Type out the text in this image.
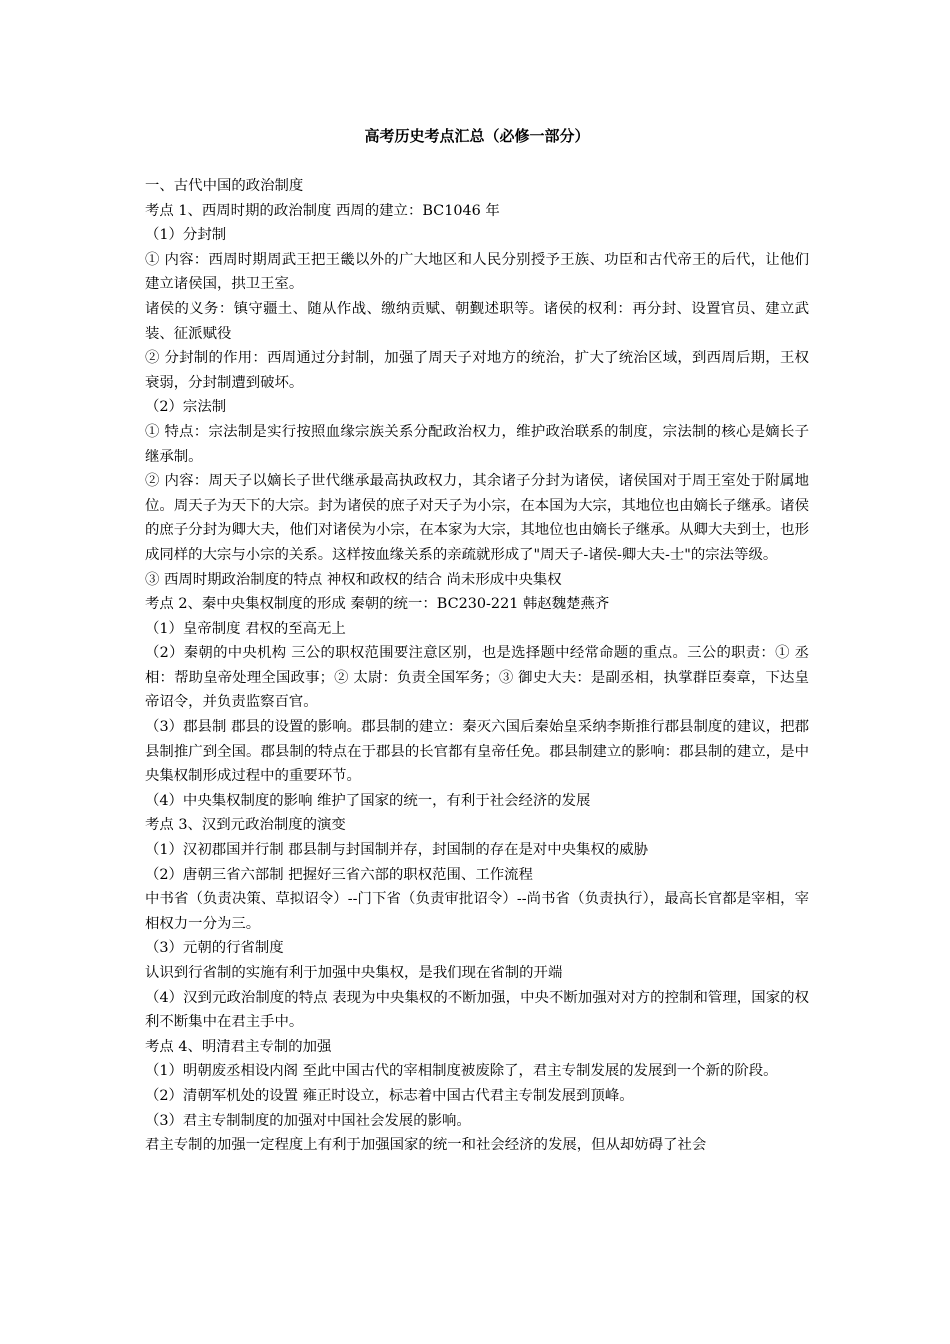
高考历史考点汇总（必修一部分）
一、古代中国的政治制度
考点 1、西周时期的政治制度 西周的建立：BC1046 年
（1）分封制
① 内容：西周时期周武王把王畿以外的广大地区和人民分别授予王族、功臣和古代帝王的后代，让他们建立诸侯国，拱卫王室。
诸侯的义务：镇守疆土、随从作战、缴纳贡赋、朝觐述职等。诸侯的权利：再分封、设置官员、建立武装、征派赋役
② 分封制的作用：西周通过分封制，加强了周天子对地方的统治，扩大了统治区域，到西周后期，王权衰弱，分封制遭到破坏。
（2）宗法制
① 特点：宗法制是实行按照血缘宗族关系分配政治权力，维护政治联系的制度，宗法制的核心是嫡长子继承制。
② 内容：周天子以嫡长子世代继承最高执政权力，其余诸子分封为诸侯，诸侯国对于周王室处于附属地位。周天子为天下的大宗。封为诸侯的庶子对天子为小宗，在本国为大宗，其地位也由嫡长子继承。诸侯的庶子分封为卿大夫，他们对诸侯为小宗，在本家为大宗，其地位也由嫡长子继承。从卿大夫到士，也形成同样的大宗与小宗的关系。这样按血缘关系的亲疏就形成了"周天子-诸侯-卿大夫-士"的宗法等级。
③ 西周时期政治制度的特点 神权和政权的结合 尚未形成中央集权
考点 2、秦中央集权制度的形成 秦朝的统一：BC230-221 韩赵魏楚燕齐
（1）皇帝制度 君权的至高无上
（2）秦朝的中央机构 三公的职权范围要注意区别，也是选择题中经常命题的重点。三公的职责：① 丞相：帮助皇帝处理全国政事；② 太尉：负责全国军务；③ 御史大夫：是副丞相，执掌群臣奏章，下达皇帝诏令，并负责监察百官。
（3）郡县制 郡县的设置的影响。郡县制的建立：秦灭六国后秦始皇采纳李斯推行郡县制度的建议，把郡县制推广到全国。郡县制的特点在于郡县的长官都有皇帝任免。郡县制建立的影响：郡县制的建立，是中央集权制形成过程中的重要环节。
（4）中央集权制度的影响 维护了国家的统一，有利于社会经济的发展
考点 3、汉到元政治制度的演变
（1）汉初郡国并行制 郡县制与封国制并存，封国制的存在是对中央集权的威胁
（2）唐朝三省六部制 把握好三省六部的职权范围、工作流程
中书省（负责决策、草拟诏令）--门下省（负责审批诏令）--尚书省（负责执行），最高长官都是宰相，宰相权力一分为三。
（3）元朝的行省制度
认识到行省制的实施有利于加强中央集权，是我们现在省制的开端
（4）汉到元政治制度的特点 表现为中央集权的不断加强，中央不断加强对对方的控制和管理，国家的权利不断集中在君主手中。
考点 4、明清君主专制的加强
（1）明朝废丞相设内阁 至此中国古代的宰相制度被废除了，君主专制发展的发展到一个新的阶段。
（2）清朝军机处的设置 雍正时设立，标志着中国古代君主专制发展到顶峰。
（3）君主专制制度的加强对中国社会发展的影响。
君主专制的加强一定程度上有利于加强国家的统一和社会经济的发展，但从却妨碍了社会
